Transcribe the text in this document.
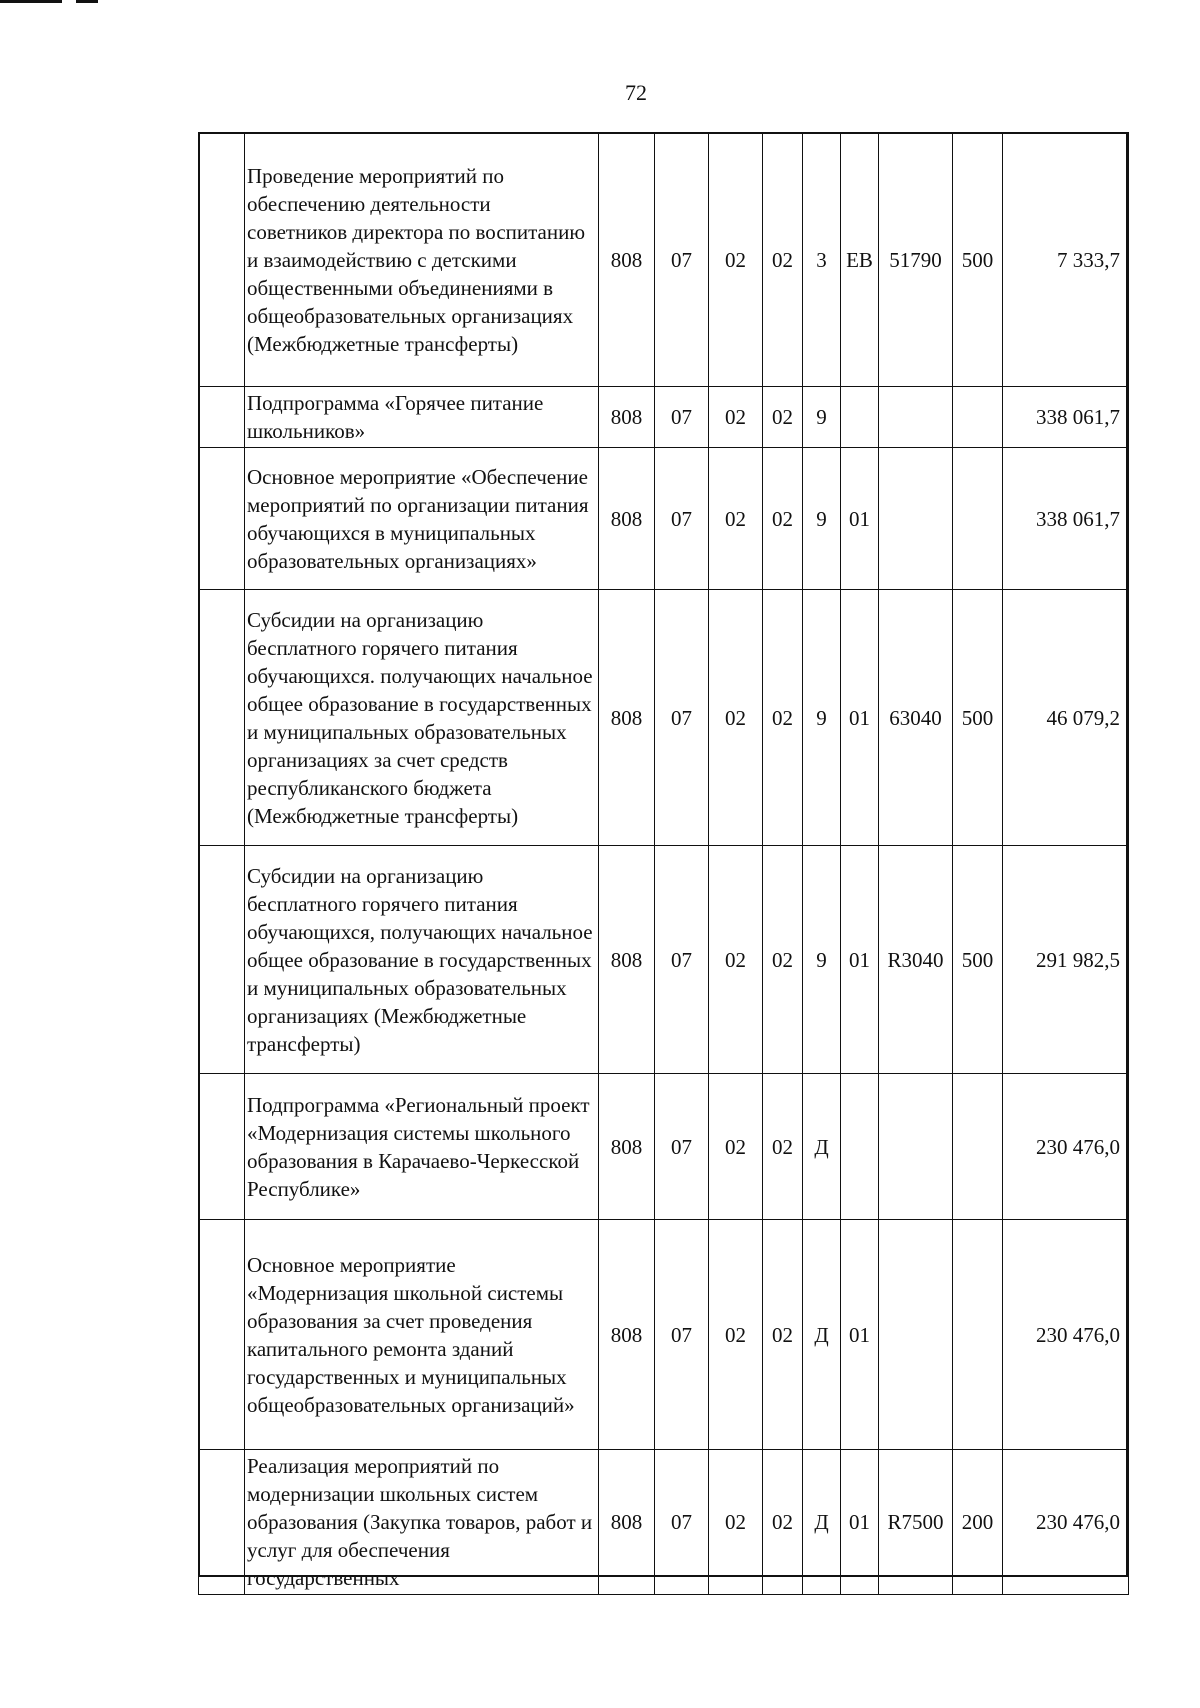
72
	Проведение мероприятий по обеспечению деятельности советников директора по воспитанию и взаимодействию с детскими общественными объединениями в общеобразовательных организациях (Межбюджетные трансферты)	808	07	02	02	3	ЕВ	51790	500	7 333,7
	Подпрограмма «Горячее питание школьников»	808	07	02	02	9				338 061,7
	Основное мероприятие «Обеспечение мероприятий по организации питания обучающихся в муниципальных образовательных организациях»	808	07	02	02	9	01			338 061,7
	Субсидии на организацию бесплатного горячего питания обучающихся. получающих начальное общее образование в государственных и муниципальных образовательных организациях за счет средств республиканского бюджета (Межбюджетные трансферты)	808	07	02	02	9	01	63040	500	46 079,2
	Субсидии на организацию бесплатного горячего питания обучающихся, получающих начальное общее образование в государственных и муниципальных образовательных организациях (Межбюджетные трансферты)	808	07	02	02	9	01	R3040	500	291 982,5
	Подпрограмма «Региональный проект «Модернизация системы школьного образования в Карачаево-Черкесской Республике»	808	07	02	02	Д				230 476,0
	Основное мероприятие «Модернизация школьной системы образования за счет проведения капитального ремонта зданий государственных и муниципальных общеобразовательных организаций»	808	07	02	02	Д	01			230 476,0
	Реализация мероприятий по модернизации школьных систем образования (Закупка товаров, работ и услуг для обеспечения государственных	808	07	02	02	Д	01	R7500	200	230 476,0
